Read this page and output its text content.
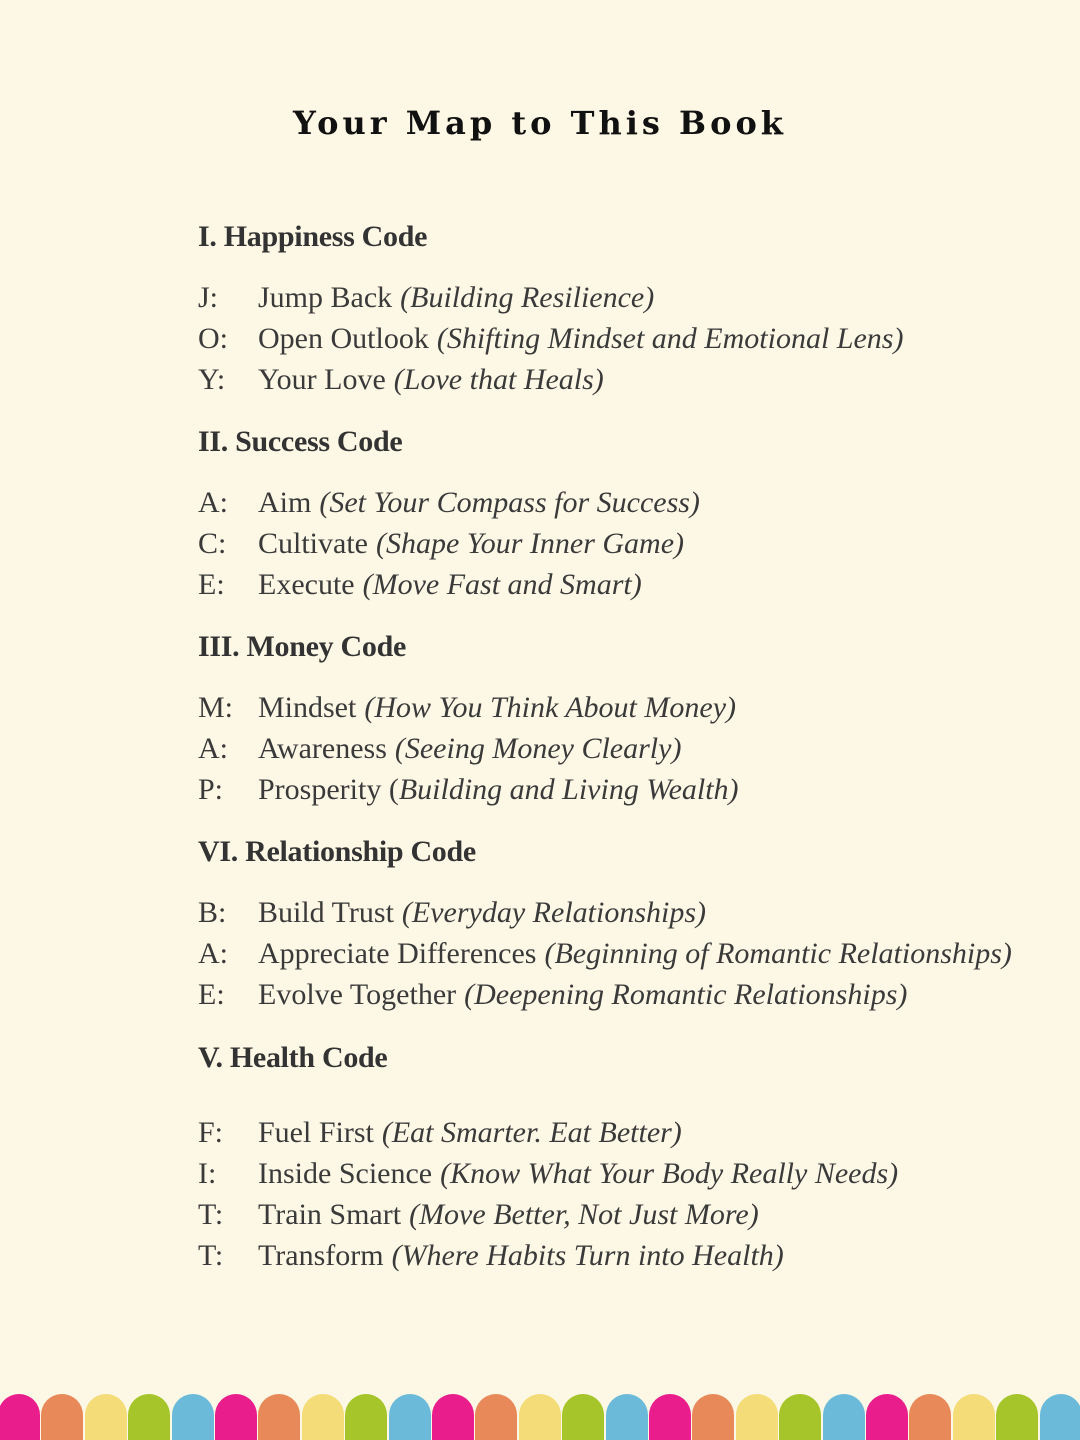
Your Map to This Book
I. Happiness Code
J:	Jump Back (Building Resilience)
O:	Open Outlook (Shifting Mindset and Emotional Lens)
Y:	Your Love (Love that Heals)
II. Success Code
A:	Aim (Set Your Compass for Success)
C:	Cultivate (Shape Your Inner Game)
E:	Execute (Move Fast and Smart)
III. Money Code
M: Mindset (How You Think About Money)
A:	Awareness (Seeing Money Clearly)
P:	Prosperity ( Building and Living Wealth)
VI. Relationship Code
B:	Build Trust (Everyday Relationships)
A:	Appreciate Differences (Beginning of Romantic Relationships)
E:	Evolve Together (Deepening Romantic Relationships)
V. Health Code
F:	Fuel First (Eat Smarter. Eat Better)
I:	Inside Science (Know What Your Body Really Needs)
T:	Train Smart (Move Better, Not Just More)
T:	Transform (Where Habits Turn into Health)
